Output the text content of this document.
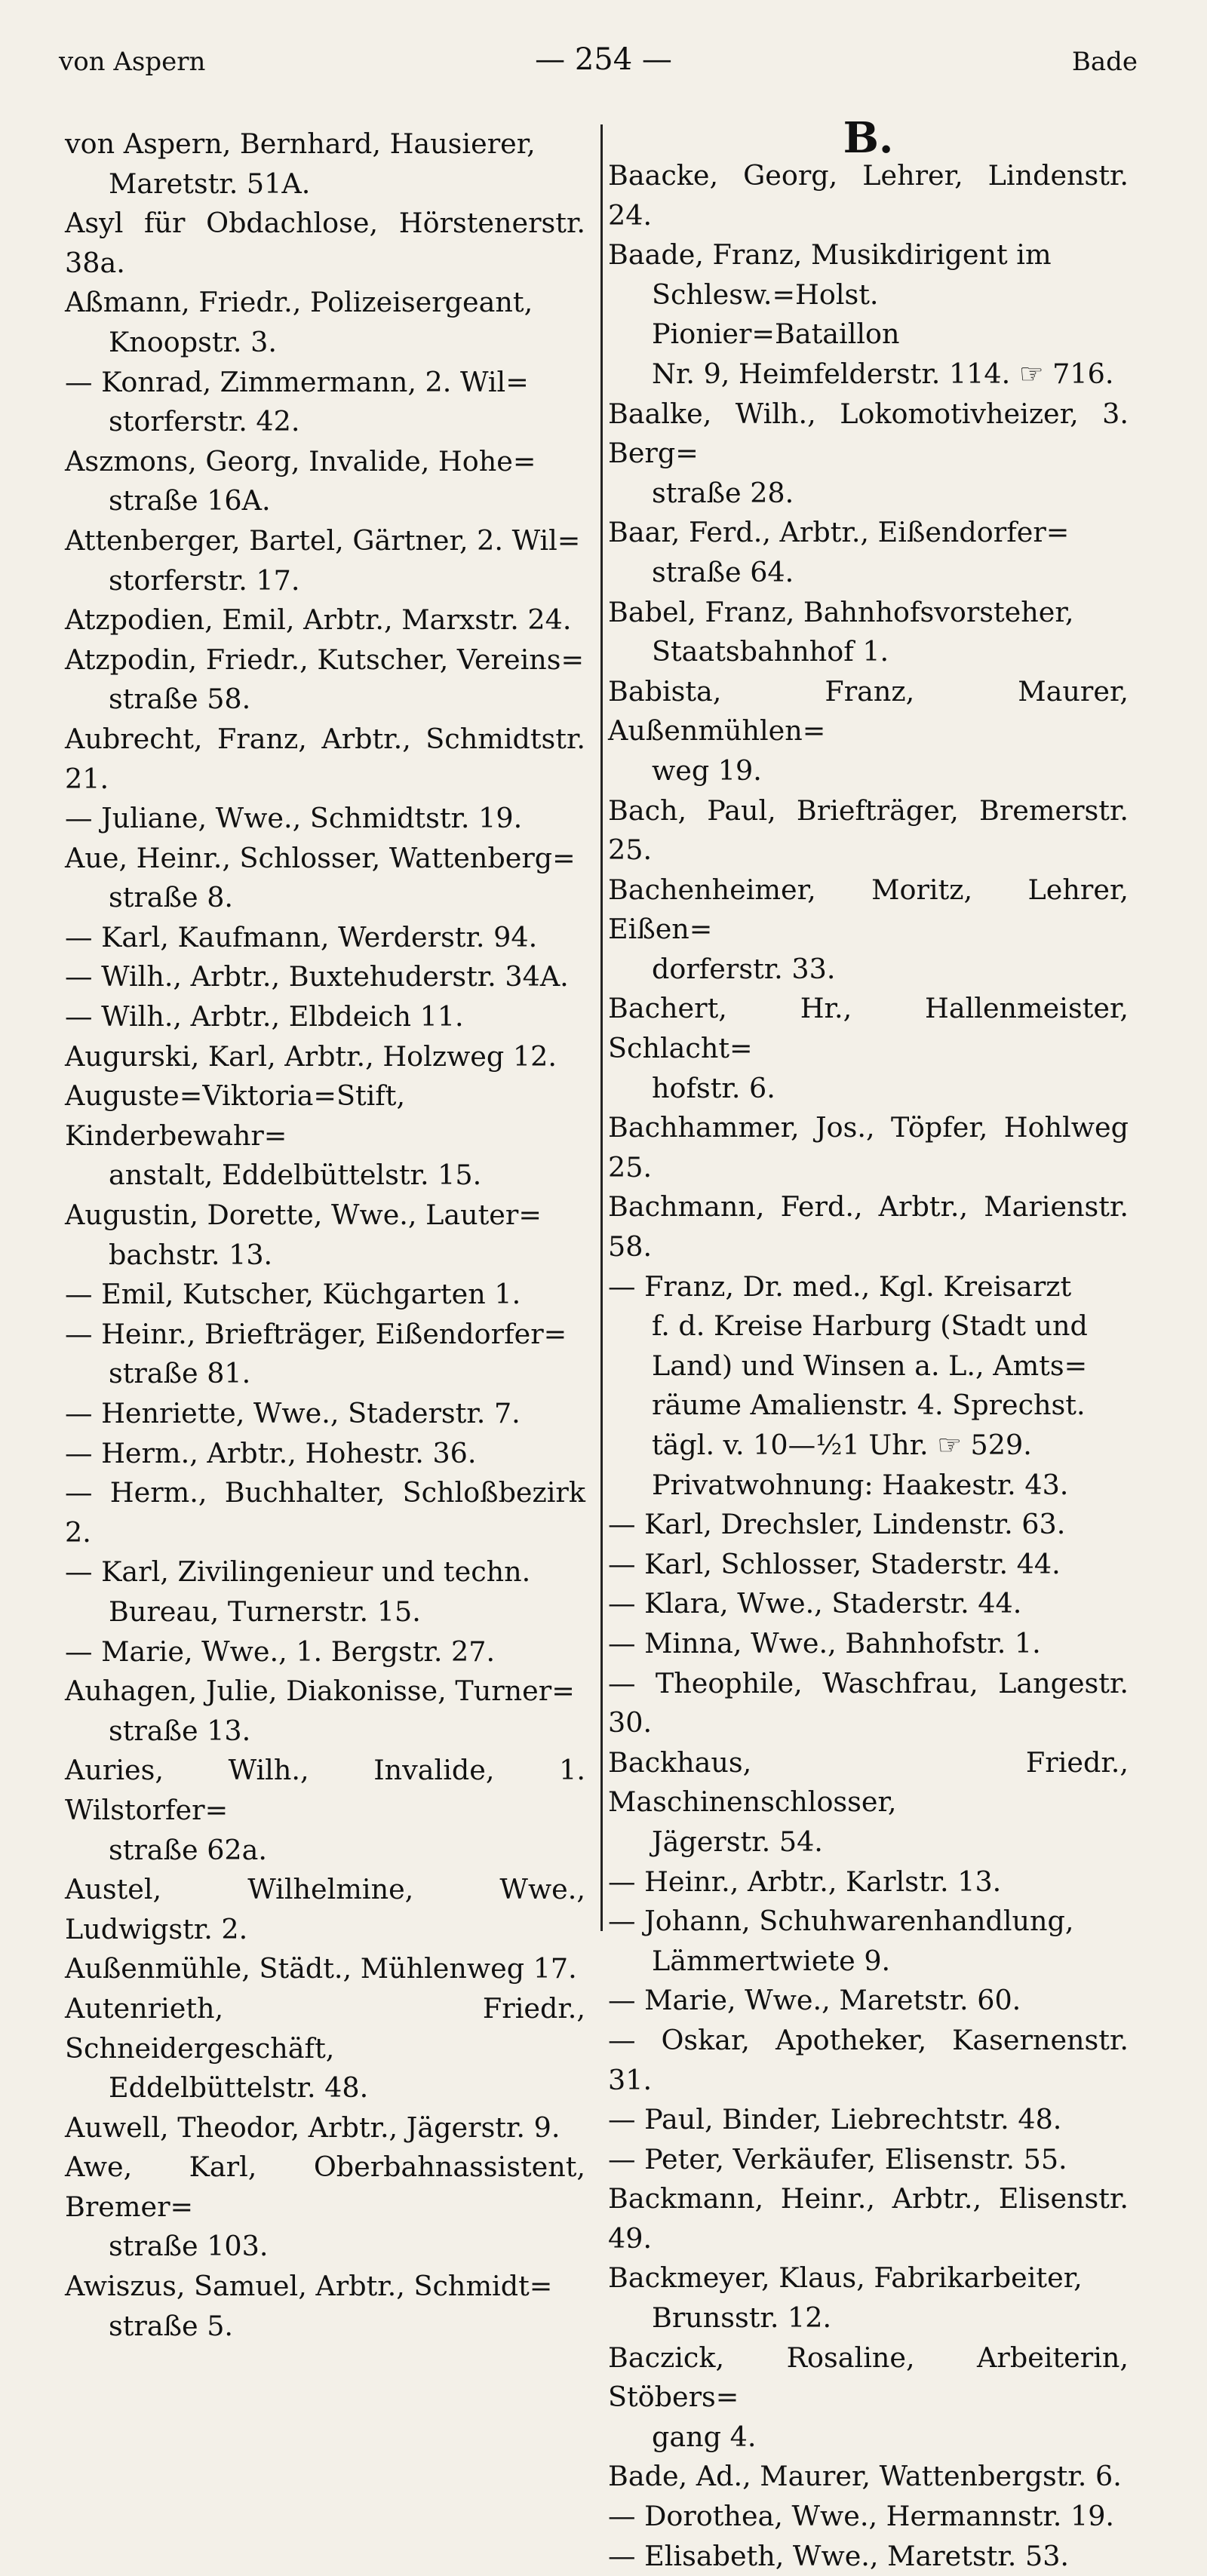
von Aspern	— 254 —	Bade
von Aspern, Bernhard, Hausierer,
Maretstr. 51A.
Asyl für Obdachlose, Hörstenerstr. 38a.
Aßmann, Friedr., Polizeisergeant,
Knoopstr. 3.
— Konrad, Zimmermann, 2. Wil=
storferstr. 42.
Aszmons, Georg, Invalide, Hohe=
straße 16A.
Attenberger, Bartel, Gärtner, 2. Wil=
storferstr. 17.
Atzpodien, Emil, Arbtr., Marxstr. 24.
Atzpodin, Friedr., Kutscher, Vereins=
straße 58.
Aubrecht, Franz, Arbtr., Schmidtstr. 21.
— Juliane, Wwe., Schmidtstr. 19.
Aue, Heinr., Schlosser, Wattenberg=
straße 8.
— Karl, Kaufmann, Werderstr. 94.
— Wilh., Arbtr., Buxtehuderstr. 34A.
— Wilh., Arbtr., Elbdeich 11.
Augurski, Karl, Arbtr., Holzweg 12.
Auguste=Viktoria=Stift, Kinderbewahr=
anstalt, Eddelbüttelstr. 15.
Augustin, Dorette, Wwe., Lauter=
bachstr. 13.
— Emil, Kutscher, Küchgarten 1.
— Heinr., Briefträger, Eißendorfer=
straße 81.
— Henriette, Wwe., Staderstr. 7.
— Herm., Arbtr., Hohestr. 36.
— Herm., Buchhalter, Schloßbezirk 2.
— Karl, Zivilingenieur und techn.
Bureau, Turnerstr. 15.
— Marie, Wwe., 1. Bergstr. 27.
Auhagen, Julie, Diakonisse, Turner=
straße 13.
Auries, Wilh., Invalide, 1. Wilstorfer=
straße 62a.
Austel, Wilhelmine, Wwe., Ludwigstr. 2.
Außenmühle, Städt., Mühlenweg 17.
Autenrieth, Friedr., Schneidergeschäft,
Eddelbüttelstr. 48.
Auwell, Theodor, Arbtr., Jägerstr. 9.
Awe, Karl, Oberbahnassistent, Bremer=
straße 103.
Awiszus, Samuel, Arbtr., Schmidt=
straße 5.
B.
Baacke, Georg, Lehrer, Lindenstr. 24.
Baade, Franz, Musikdirigent im
Schlesw.=Holst. Pionier=Bataillon
Nr. 9, Heimfelderstr. 114. ☞ 716.
Baalke, Wilh., Lokomotivheizer, 3. Berg=
straße 28.
Baar, Ferd., Arbtr., Eißendorfer=
straße 64.
Babel, Franz, Bahnhofsvorsteher,
Staatsbahnhof 1.
Babista, Franz, Maurer, Außenmühlen=
weg 19.
Bach, Paul, Briefträger, Bremerstr. 25.
Bachenheimer, Moritz, Lehrer, Eißen=
dorferstr. 33.
Bachert, Hr., Hallenmeister, Schlacht=
hofstr. 6.
Bachhammer, Jos., Töpfer, Hohlweg 25.
Bachmann, Ferd., Arbtr., Marienstr. 58.
— Franz, Dr. med., Kgl. Kreisarzt
f. d. Kreise Harburg (Stadt und
Land) und Winsen a. L., Amts=
räume Amalienstr. 4. Sprechst.
tägl. v. 10—½1 Uhr. ☞ 529.
Privatwohnung: Haakestr. 43.
— Karl, Drechsler, Lindenstr. 63.
— Karl, Schlosser, Staderstr. 44.
— Klara, Wwe., Staderstr. 44.
— Minna, Wwe., Bahnhofstr. 1.
— Theophile, Waschfrau, Langestr. 30.
Backhaus, Friedr., Maschinenschlosser,
Jägerstr. 54.
— Heinr., Arbtr., Karlstr. 13.
— Johann, Schuhwarenhandlung,
Lämmertwiete 9.
— Marie, Wwe., Maretstr. 60.
— Oskar, Apotheker, Kasernenstr. 31.
— Paul, Binder, Liebrechtstr. 48.
— Peter, Verkäufer, Elisenstr. 55.
Backmann, Heinr., Arbtr., Elisenstr. 49.
Backmeyer, Klaus, Fabrikarbeiter,
Brunsstr. 12.
Baczick, Rosaline, Arbeiterin, Stöbers=
gang 4.
Bade, Ad., Maurer, Wattenbergstr. 6.
— Dorothea, Wwe., Hermannstr. 19.
— Elisabeth, Wwe., Maretstr. 53.
